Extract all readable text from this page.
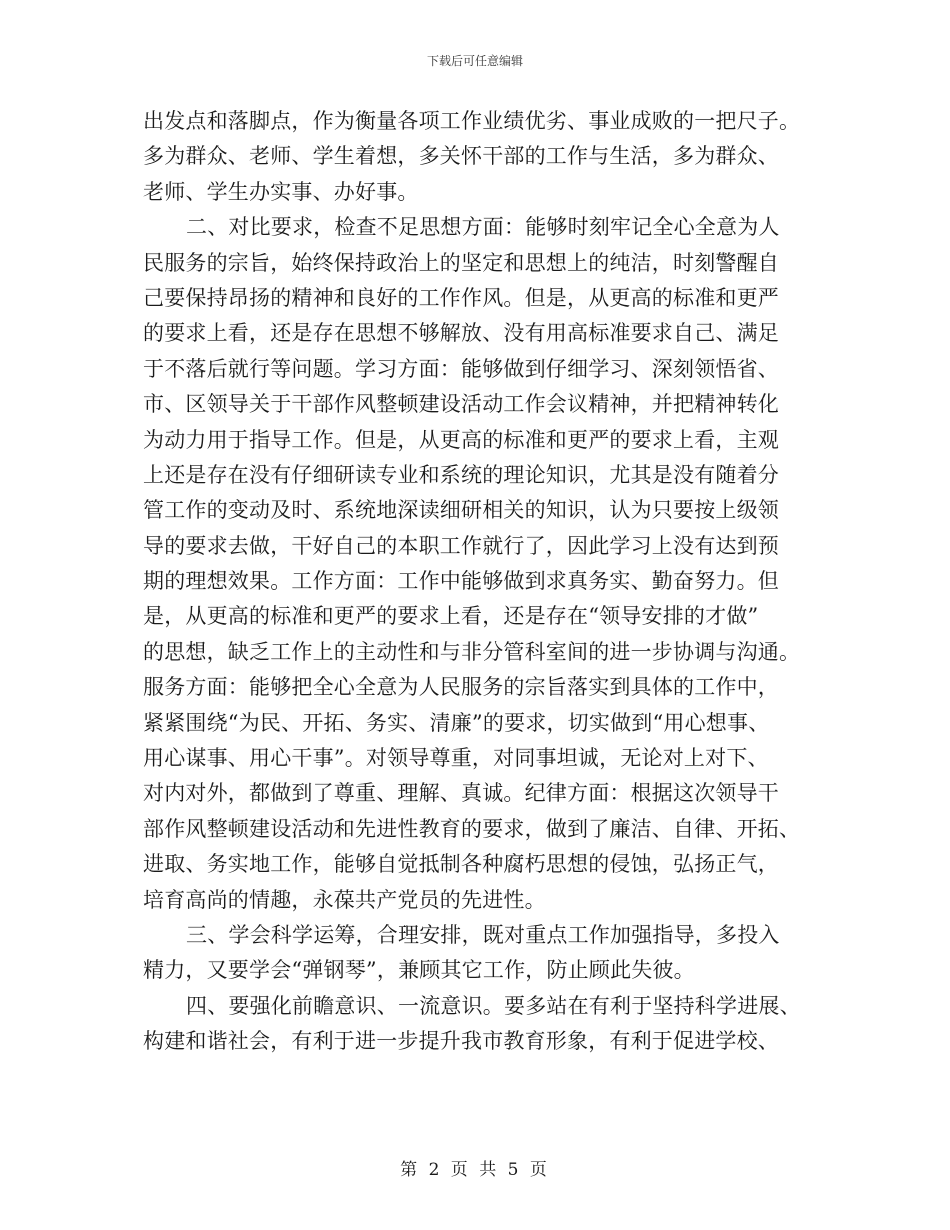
下载后可任意编辑
出发点和落脚点，作为衡量各项工作业绩优劣、事业成败的一把尺子。
多为群众、老师、学生着想，多关怀干部的工作与生活，多为群众、
老师、学生办实事、办好事。
二、对比要求，检查不足思想方面：能够时刻牢记全心全意为人
民服务的宗旨，始终保持政治上的坚定和思想上的纯洁，时刻警醒自
己要保持昂扬的精神和良好的工作作风。但是，从更高的标准和更严
的要求上看，还是存在思想不够解放、没有用高标准要求自己、满足
于不落后就行等问题。学习方面：能够做到仔细学习、深刻领悟省、
市、区领导关于干部作风整顿建设活动工作会议精神，并把精神转化
为动力用于指导工作。但是，从更高的标准和更严的要求上看，主观
上还是存在没有仔细研读专业和系统的理论知识，尤其是没有随着分
管工作的变动及时、系统地深读细研相关的知识，认为只要按上级领
导的要求去做，干好自己的本职工作就行了，因此学习上没有达到预
期的理想效果。工作方面：工作中能够做到求真务实、勤奋努力。但
是，从更高的标准和更严的要求上看，还是存在“领导安排的才做”
的思想，缺乏工作上的主动性和与非分管科室间的进一步协调与沟通。
服务方面：能够把全心全意为人民服务的宗旨落实到具体的工作中，
紧紧围绕“为民、开拓、务实、清廉”的要求，切实做到“用心想事、
用心谋事、用心干事”。对领导尊重，对同事坦诚，无论对上对下、
对内对外，都做到了尊重、理解、真诚。纪律方面：根据这次领导干
部作风整顿建设活动和先进性教育的要求，做到了廉洁、自律、开拓、
进取、务实地工作，能够自觉抵制各种腐朽思想的侵蚀，弘扬正气，
培育高尚的情趣，永葆共产党员的先进性。
三、学会科学运筹，合理安排，既对重点工作加强指导，多投入
精力，又要学会“弹钢琴”，兼顾其它工作，防止顾此失彼。
四、要强化前瞻意识、一流意识。要多站在有利于坚持科学进展、
构建和谐社会，有利于进一步提升我市教育形象，有利于促进学校、
第 2 页 共 5 页
